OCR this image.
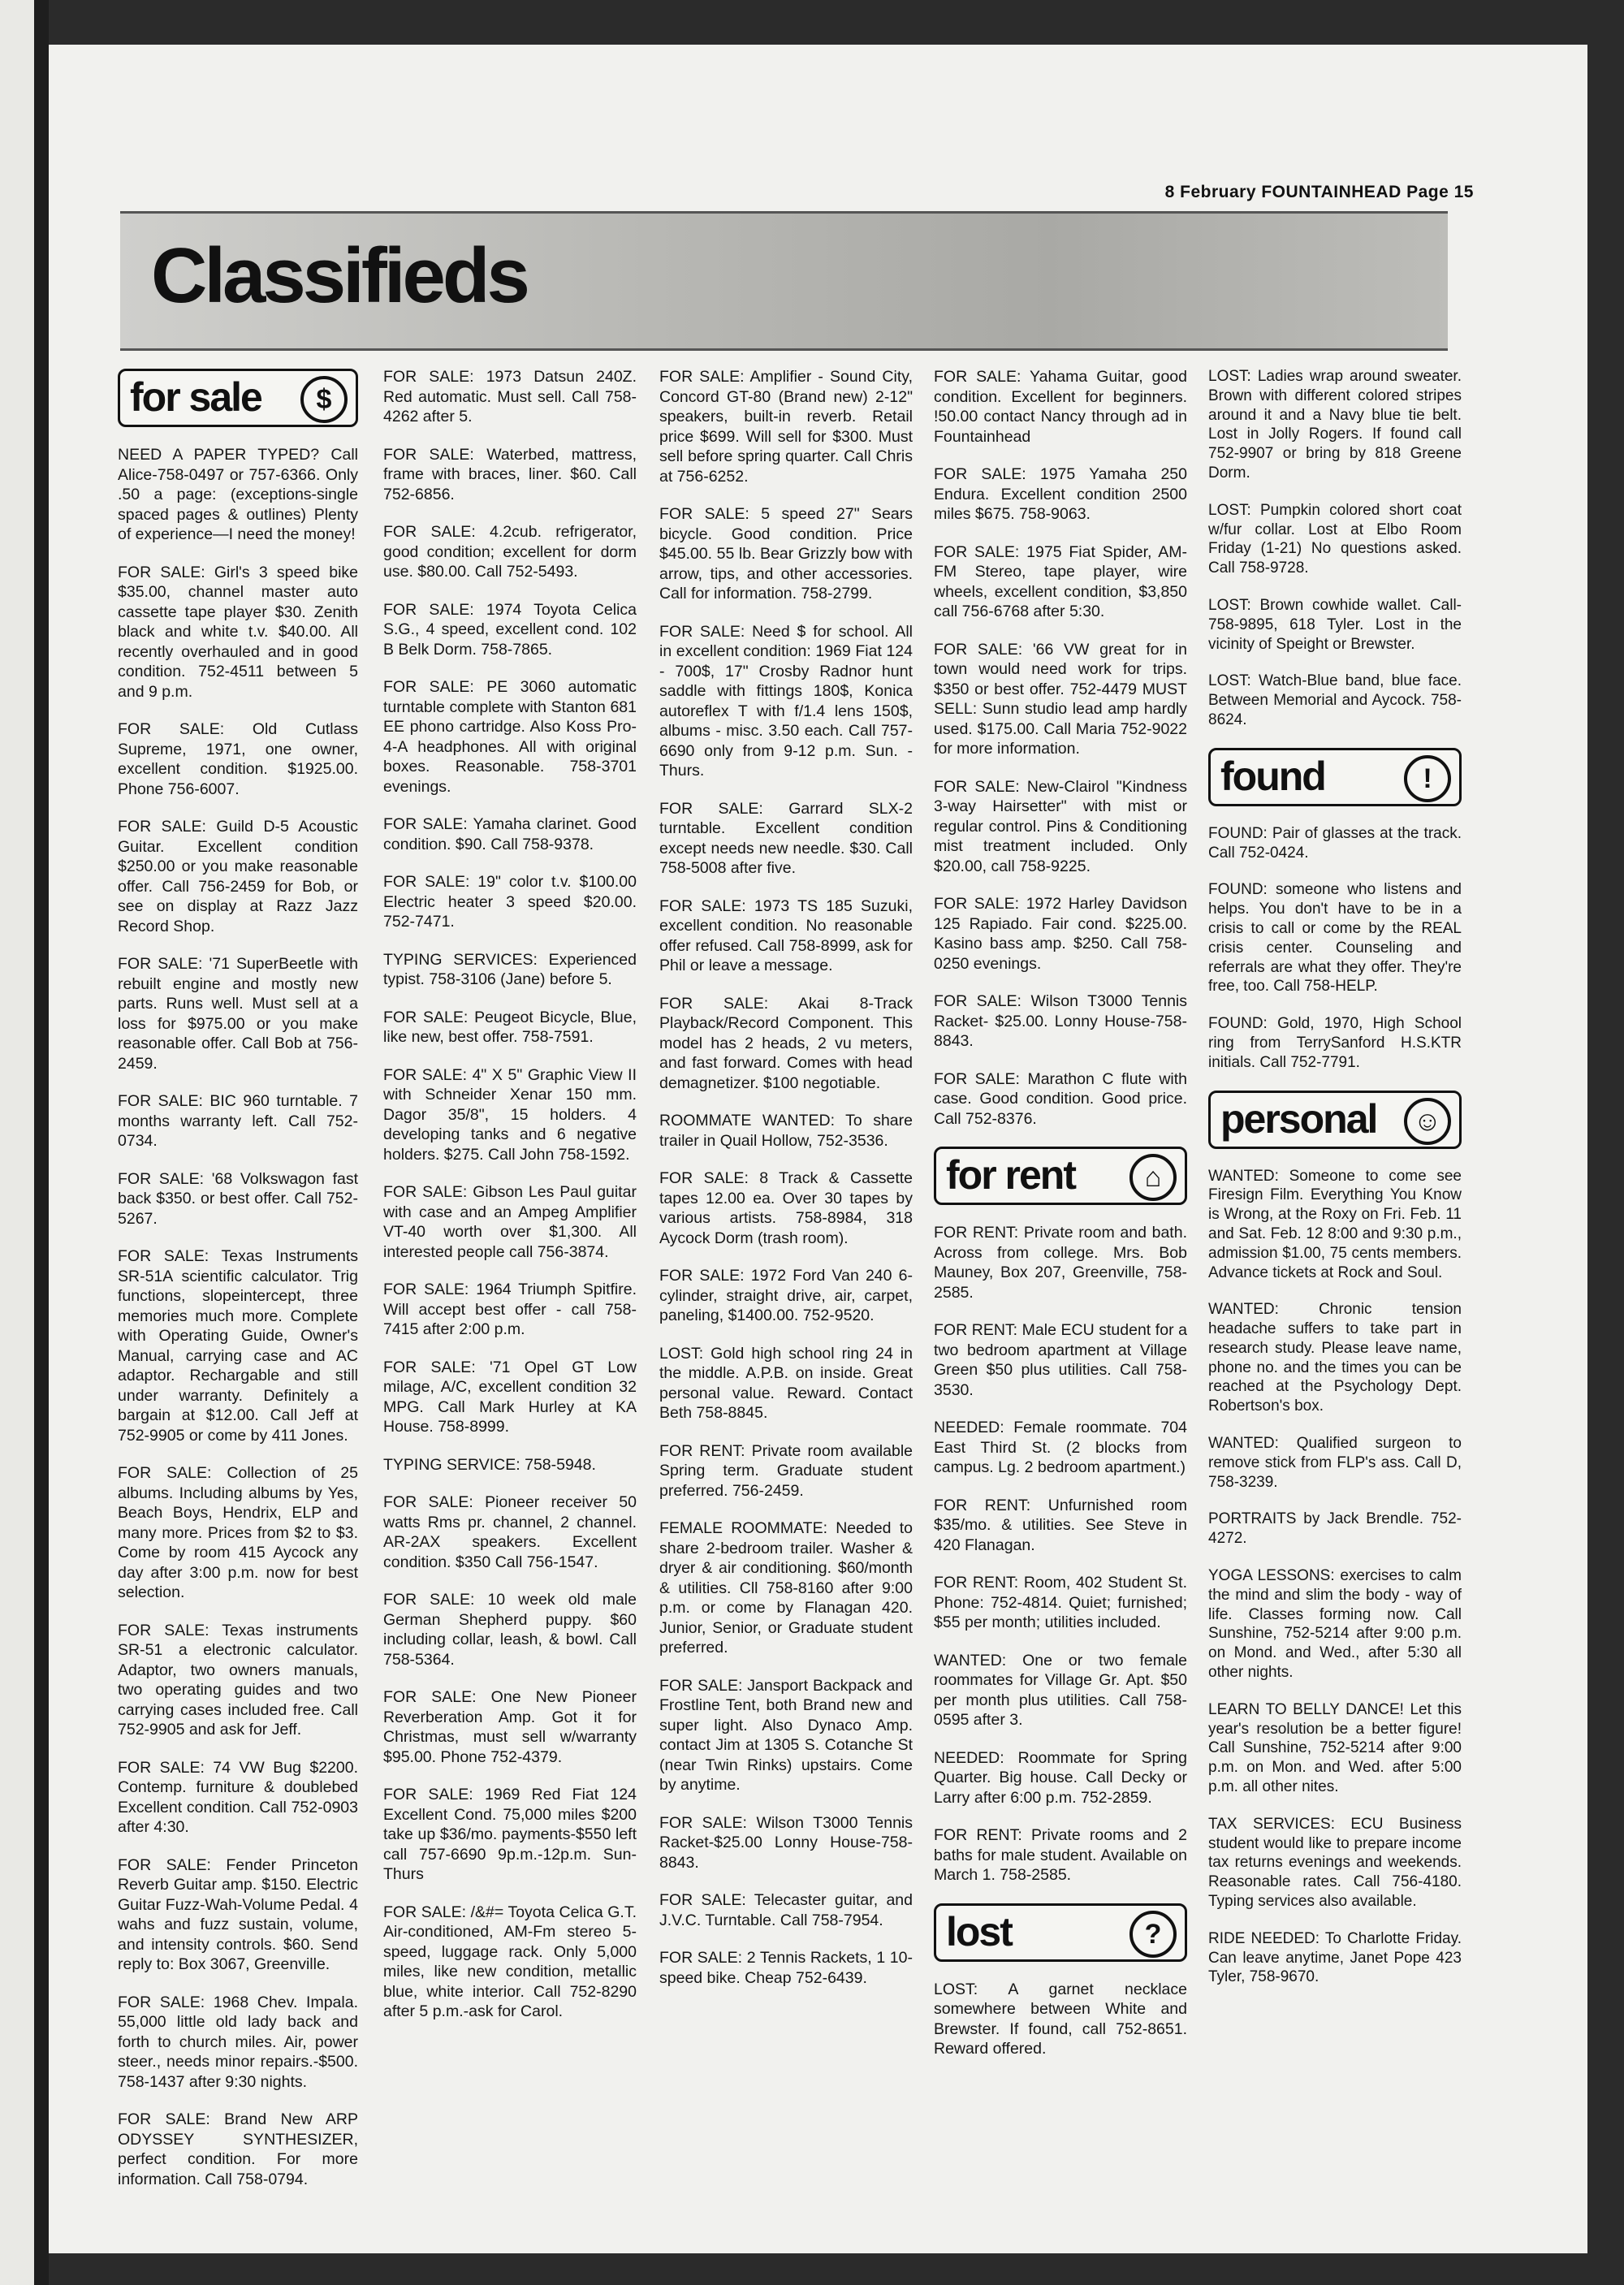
8 February FOUNTAINHEAD Page 15
Classifieds
for sale	$

NEED A PAPER TYPED? Call Alice-758-0497 or 757-6366. Only .50 a page: (exceptions-single spaced pages & outlines) Plenty of experience—I need the money!

FOR SALE: Girl's 3 speed bike $35.00, channel master auto cassette tape player $30. Zenith black and white t.v. $40.00. All recently overhauled and in good condition. 752-4511 between 5 and 9 p.m.

FOR SALE: Old Cutlass Supreme, 1971, one owner, excellent condition. $1925.00. Phone 756-6007.

FOR SALE: Guild D-5 Acoustic Guitar. Excellent condition $250.00 or you make reasonable offer. Call 756-2459 for Bob, or see on display at Razz Jazz Record Shop.

FOR SALE: '71 SuperBeetle with rebuilt engine and mostly new parts. Runs well. Must sell at a loss for $975.00 or you make reasonable offer. Call Bob at 756-2459.

FOR SALE: BIC 960 turntable. 7 months warranty left. Call 752-0734.

FOR SALE: '68 Volkswagon fast back $350. or best offer. Call 752-5267.

FOR SALE: Texas Instruments SR-51A scientific calculator. Trig functions, slopeintercept, three memories much more. Complete with Operating Guide, Owner's Manual, carrying case and AC adaptor. Rechargable and still under warranty. Definitely a bargain at $12.00. Call Jeff at 752-9905 or come by 411 Jones.

FOR SALE: Collection of 25 albums. Including albums by Yes, Beach Boys, Hendrix, ELP and many more. Prices from $2 to $3. Come by room 415 Aycock any day after 3:00 p.m. now for best selection.

FOR SALE: Texas instruments SR-51 a electronic calculator. Adaptor, two owners manuals, two operating guides and two carrying cases included free. Call 752-9905 and ask for Jeff.

FOR SALE: 74 VW Bug $2200. Contemp. furniture & doublebed Excellent condition. Call 752-0903 after 4:30.

FOR SALE: Fender Princeton Reverb Guitar amp. $150. Electric Guitar Fuzz-Wah-Volume Pedal. 4 wahs and fuzz sustain, volume, and intensity controls. $60. Send reply to: Box 3067, Greenville.

FOR SALE: 1968 Chev. Impala. 55,000 little old lady back and forth to church miles. Air, power steer., needs minor repairs.-$500. 758-1437 after 9:30 nights.

FOR SALE: Brand New ARP ODYSSEY SYNTHESIZER, perfect condition. For more information. Call 758-0794.

FOR SALE: 1973 Datsun 240Z. Red automatic. Must sell. Call 758-4262 after 5.

FOR SALE: Waterbed, mattress, frame with braces, liner. $60. Call 752-6856.

FOR SALE: 4.2cub. refrigerator, good condition; excellent for dorm use. $80.00. Call 752-5493.

FOR SALE: 1974 Toyota Celica S.G., 4 speed, excellent cond. 102 B Belk Dorm. 758-7865.

FOR SALE: PE 3060 automatic turntable complete with Stanton 681 EE phono cartridge. Also Koss Pro-4-A headphones. All with original boxes. Reasonable. 758-3701 evenings.

FOR SALE: Yamaha clarinet. Good condition. $90. Call 758-9378.

FOR SALE: 19" color t.v. $100.00 Electric heater 3 speed $20.00. 752-7471.

TYPING SERVICES: Experienced typist. 758-3106 (Jane) before 5.

FOR SALE: Peugeot Bicycle, Blue, like new, best offer. 758-7591.

FOR SALE: 4" X 5" Graphic View II with Schneider Xenar 150 mm. Dagor 35/8", 15 holders. 4 developing tanks and 6 negative holders. $275. Call John 758-1592.

FOR SALE: Gibson Les Paul guitar with case and an Ampeg Amplifier VT-40 worth over $1,300. All interested people call 756-3874.

FOR SALE: 1964 Triumph Spitfire. Will accept best offer - call 758-7415 after 2:00 p.m.

FOR SALE: '71 Opel GT Low milage, A/C, excellent condition 32 MPG. Call Mark Hurley at KA House. 758-8999.

TYPING SERVICE: 758-5948.

FOR SALE: Pioneer receiver 50 watts Rms pr. channel, 2 channel. AR-2AX speakers. Excellent condition. $350 Call 756-1547.

FOR SALE: 10 week old male German Shepherd puppy. $60 including collar, leash, & bowl. Call 758-5364.

FOR SALE: One New Pioneer Reverberation Amp. Got it for Christmas, must sell w/warranty $95.00. Phone 752-4379.

FOR SALE: 1969 Red Fiat 124 Excellent Cond. 75,000 miles $200 take up $36/mo. payments-$550 left call 757-6690 9p.m.-12p.m. Sun-Thurs

FOR SALE: /&#= Toyota Celica G.T. Air-conditioned, AM-Fm stereo 5-speed, luggage rack. Only 5,000 miles, like new condition, metallic blue, white interior. Call 752-8290 after 5 p.m.-ask for Carol.

FOR SALE: Amplifier - Sound City, Concord GT-80 (Brand new) 2-12" speakers, built-in reverb. Retail price $699. Will sell for $300. Must sell before spring quarter. Call Chris at 756-6252.

FOR SALE: 5 speed 27" Sears bicycle. Good condition. Price $45.00. 55 lb. Bear Grizzly bow with arrow, tips, and other accessories. Call for information. 758-2799.

FOR SALE: Need $ for school. All in excellent condition: 1969 Fiat 124 - 700$, 17" Crosby Radnor hunt saddle with fittings 180$, Konica autoreflex T with f/1.4 lens 150$, albums - misc. 3.50 each. Call 757-6690 only from 9-12 p.m. Sun. - Thurs.

FOR SALE: Garrard SLX-2 turntable. Excellent condition except needs new needle. $30. Call 758-5008 after five.

FOR SALE: 1973 TS 185 Suzuki, excellent condition. No reasonable offer refused. Call 758-8999, ask for Phil or leave a message.

FOR SALE: Akai 8-Track Playback/Record Component. This model has 2 heads, 2 vu meters, and fast forward. Comes with head demagnetizer. $100 negotiable.

ROOMMATE WANTED: To share trailer in Quail Hollow, 752-3536.

FOR SALE: 8 Track & Cassette tapes 12.00 ea. Over 30 tapes by various artists. 758-8984, 318 Aycock Dorm (trash room).

FOR SALE: 1972 Ford Van 240 6-cylinder, straight drive, air, carpet, paneling, $1400.00. 752-9520.

LOST: Gold high school ring 24 in the middle. A.P.B. on inside. Great personal value. Reward. Contact Beth 758-8845.

FOR RENT: Private room available Spring term. Graduate student preferred. 756-2459.

FEMALE ROOMMATE: Needed to share 2-bedroom trailer. Washer & dryer & air conditioning. $60/month & utilities. Cll 758-8160 after 9:00 p.m. or come by Flanagan 420. Junior, Senior, or Graduate student preferred.

FOR SALE: Jansport Backpack and Frostline Tent, both Brand new and super light. Also Dynaco Amp. contact Jim at 1305 S. Cotanche St (near Twin Rinks) upstairs. Come by anytime.

FOR SALE: Wilson T3000 Tennis Racket-$25.00 Lonny House-758-8843.

FOR SALE: Telecaster guitar, and J.V.C. Turntable. Call 758-7954.

FOR SALE: 2 Tennis Rackets, 1 10-speed bike. Cheap 752-6439.

FOR SALE: Yahama Guitar, good condition. Excellent for beginners. !50.00 contact Nancy through ad in Fountainhead

FOR SALE: 1975 Yamaha 250 Endura. Excellent condition 2500 miles $675. 758-9063.

FOR SALE: 1975 Fiat Spider, AM-FM Stereo, tape player, wire wheels, excellent condition, $3,850 call 756-6768 after 5:30.

FOR SALE: '66 VW great for in town would need work for trips. $350 or best offer. 752-4479 MUST SELL: Sunn studio lead amp hardly used. $175.00. Call Maria 752-9022 for more information.

FOR SALE: New-Clairol "Kindness 3-way Hairsetter" with mist or regular control. Pins & Conditioning mist treatment included. Only $20.00, call 758-9225.

FOR SALE: 1972 Harley Davidson 125 Rapiado. Fair cond. $225.00. Kasino bass amp. $250. Call 758-0250 evenings.

FOR SALE: Wilson T3000 Tennis Racket- $25.00. Lonny House-758-8843.

FOR SALE: Marathon C flute with case. Good condition. Good price. Call 752-8376.

for rent	⌂

FOR RENT: Private room and bath. Across from college. Mrs. Bob Mauney, Box 207, Greenville, 758-2585.

FOR RENT: Male ECU student for a two bedroom apartment at Village Green $50 plus utilities. Call 758-3530.

NEEDED: Female roommate. 704 East Third St. (2 blocks from campus. Lg. 2 bedroom apartment.)

FOR RENT: Unfurnished room $35/mo. & utilities. See Steve in 420 Flanagan.

FOR RENT: Room, 402 Student St. Phone: 752-4814. Quiet; furnished; $55 per month; utilities included.

WANTED: One or two female roommates for Village Gr. Apt. $50 per month plus utilities. Call 758-0595 after 3.

NEEDED: Roommate for Spring Quarter. Big house. Call Decky or Larry after 6:00 p.m. 752-2859.

FOR RENT: Private rooms and 2 baths for male student. Available on March 1. 758-2585.

lost	?

LOST: A garnet necklace somewhere between White and Brewster. If found, call 752-8651. Reward offered.

LOST: Ladies wrap around sweater. Brown with different colored stripes around it and a Navy blue tie belt. Lost in Jolly Rogers. If found call 752-9907 or bring by 818 Greene Dorm.

LOST: Pumpkin colored short coat w/fur collar. Lost at Elbo Room Friday (1-21) No questions asked. Call 758-9728.

LOST: Brown cowhide wallet. Call-758-9895, 618 Tyler. Lost in the vicinity of Speight or Brewster.

LOST: Watch-Blue band, blue face. Between Memorial and Aycock. 758-8624.

found	!

FOUND: Pair of glasses at the track. Call 752-0424.

FOUND: someone who listens and helps. You don't have to be in a crisis to call or come by the REAL crisis center. Counseling and referrals are what they offer. They're free, too. Call 758-HELP.

FOUND: Gold, 1970, High School ring from TerrySanford H.S.KTR initials. Call 752-7791.

personal	☺

WANTED: Someone to come see Firesign Film. Everything You Know is Wrong, at the Roxy on Fri. Feb. 11 and Sat. Feb. 12 8:00 and 9:30 p.m., admission $1.00, 75 cents members. Advance tickets at Rock and Soul.

WANTED: Chronic tension headache suffers to take part in research study. Please leave name, phone no. and the times you can be reached at the Psychology Dept. Robertson's box.

WANTED: Qualified surgeon to remove stick from FLP's ass. Call D, 758-3239.

PORTRAITS by Jack Brendle. 752-4272.

YOGA LESSONS: exercises to calm the mind and slim the body - way of life. Classes forming now. Call Sunshine, 752-5214 after 9:00 p.m. on Mond. and Wed., after 5:30 all other nights.

LEARN TO BELLY DANCE! Let this year's resolution be a better figure! Call Sunshine, 752-5214 after 9:00 p.m. on Mon. and Wed. after 5:00 p.m. all other nites.

TAX SERVICES: ECU Business student would like to prepare income tax returns evenings and weekends. Reasonable rates. Call 756-4180. Typing services also available.

RIDE NEEDED: To Charlotte Friday. Can leave anytime, Janet Pope 423 Tyler, 758-9670.
